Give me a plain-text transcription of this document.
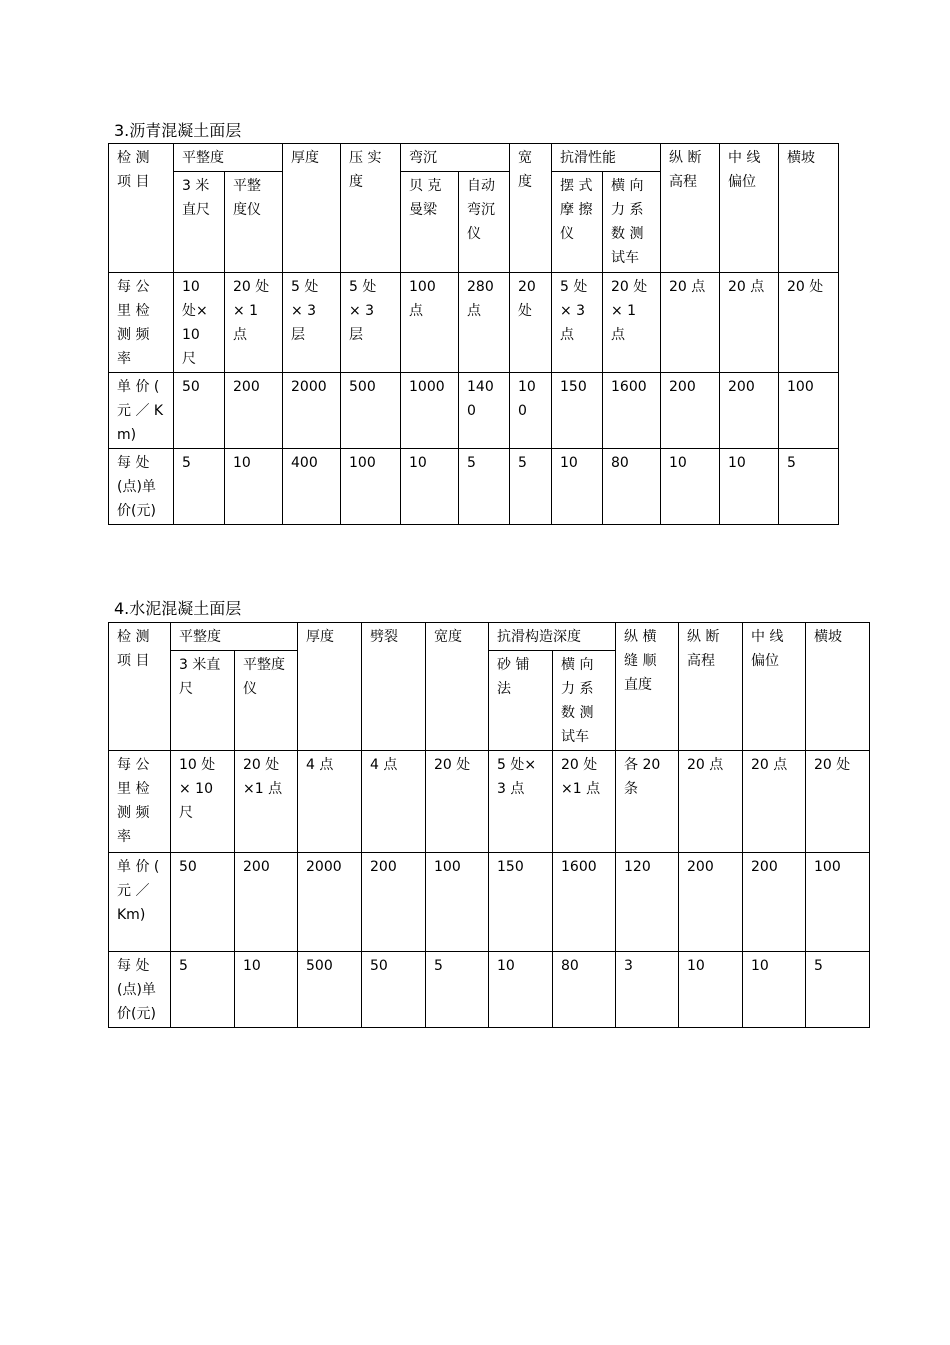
3.沥青混凝土面层
检 测 项 目	平整度		厚度	压 实 度	弯沉		宽度	抗滑性能		纵 断 高程	中 线 偏位	横坡
	3 米直尺	平整度仪			贝 克 曼梁	自动弯沉仪		摆 式 摩 擦 仪	横 向 力 系 数 测 试车			
每 公 里 检 测 频 率	10 处× 10 尺	20 处 × 1 点	5 处 × 3 层	5 处 × 3 层	100 点	280 点	20 处	5 处 × 3 点	20 处 × 1 点	20 点	20 点	20 处
单 价 ( 元 ／ Km)	50	200	2000	500	1000	1400	100	150	1600	200	200	100
每 处 (点)单 价(元)	5	10	400	100	10	5	5	10	80	10	10	5
4.水泥混凝土面层
检 测 项 目	平整度		厚度	劈裂	宽度	抗滑构造深度		纵 横 缝 顺 直度	纵 断 高程	中 线 偏位	横坡
	3 米直尺	平整度仪				砂 铺 法	横 向 力 系 数 测 试车				
每 公 里 检 测 频 率	10 处 × 10 尺	20 处 ×1 点	4 点	4 点	20 处	5 处× 3 点	20 处 ×1 点	各 20 条	20 点	20 点	20 处
单 价 ( 元 ／ Km)	50	200	2000	200	100	150	1600	120	200	200	100
每 处 (点)单 价(元)	5	10	500	50	5	10	80	3	10	10	5
